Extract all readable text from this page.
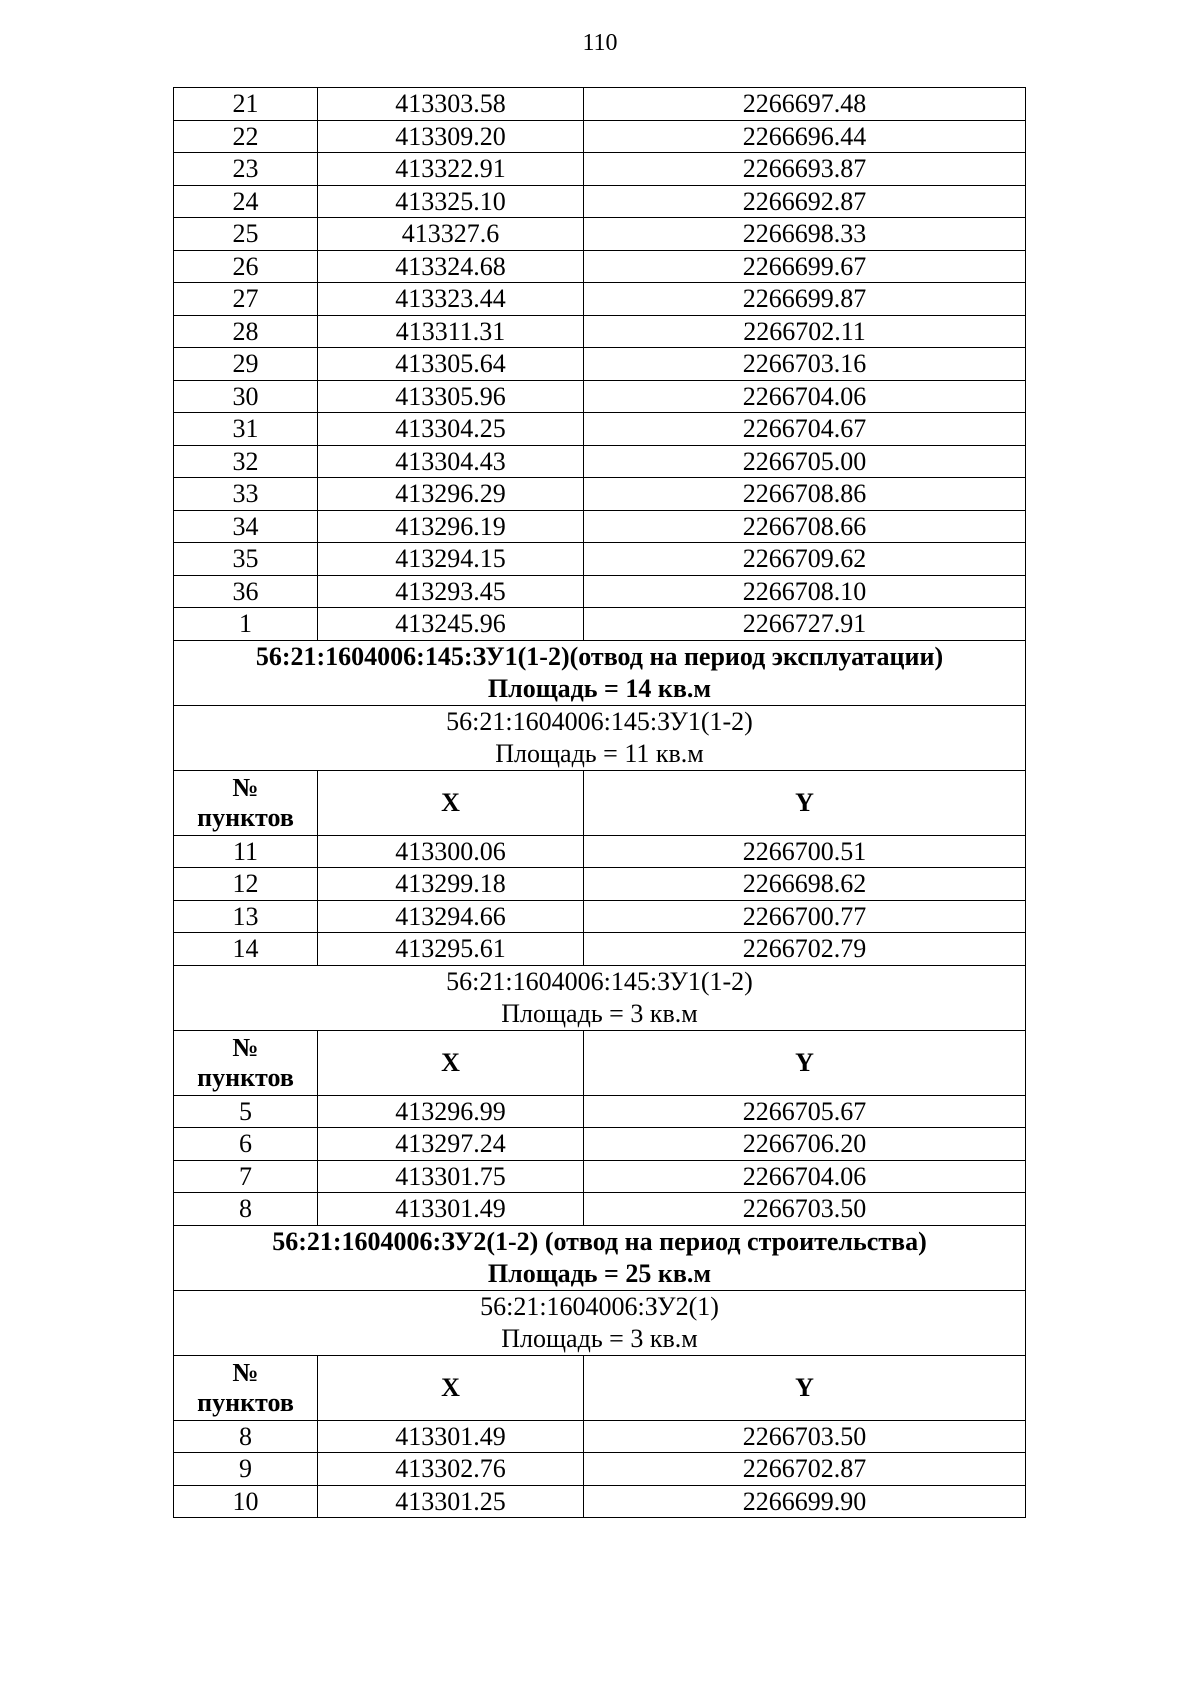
110
21	413303.58	2266697.48
22	413309.20	2266696.44
23	413322.91	2266693.87
24	413325.10	2266692.87
25	413327.6	2266698.33
26	413324.68	2266699.67
27	413323.44	2266699.87
28	413311.31	2266702.11
29	413305.64	2266703.16
30	413305.96	2266704.06
31	413304.25	2266704.67
32	413304.43	2266705.00
33	413296.29	2266708.86
34	413296.19	2266708.66
35	413294.15	2266709.62
36	413293.45	2266708.10
1	413245.96	2266727.91

56:21:1604006:145:ЗУ1(1-2)(отвод на период эксплуатации)
Площадь = 14 кв.м		

56:21:1604006:145:ЗУ1(1-2)
Площадь = 11 кв.м		

№
пунктов	X	Y
11	413300.06	2266700.51
12	413299.18	2266698.62
13	413294.66	2266700.77
14	413295.61	2266702.79

56:21:1604006:145:ЗУ1(1-2)
Площадь = 3 кв.м		

№
пунктов	X	Y
5	413296.99	2266705.67
6	413297.24	2266706.20
7	413301.75	2266704.06
8	413301.49	2266703.50

56:21:1604006:ЗУ2(1-2) (отвод на период строительства)
Площадь = 25 кв.м		

56:21:1604006:ЗУ2(1)
Площадь = 3 кв.м		

№
пунктов	X	Y
8	413301.49	2266703.50
9	413302.76	2266702.87
10	413301.25	2266699.90
